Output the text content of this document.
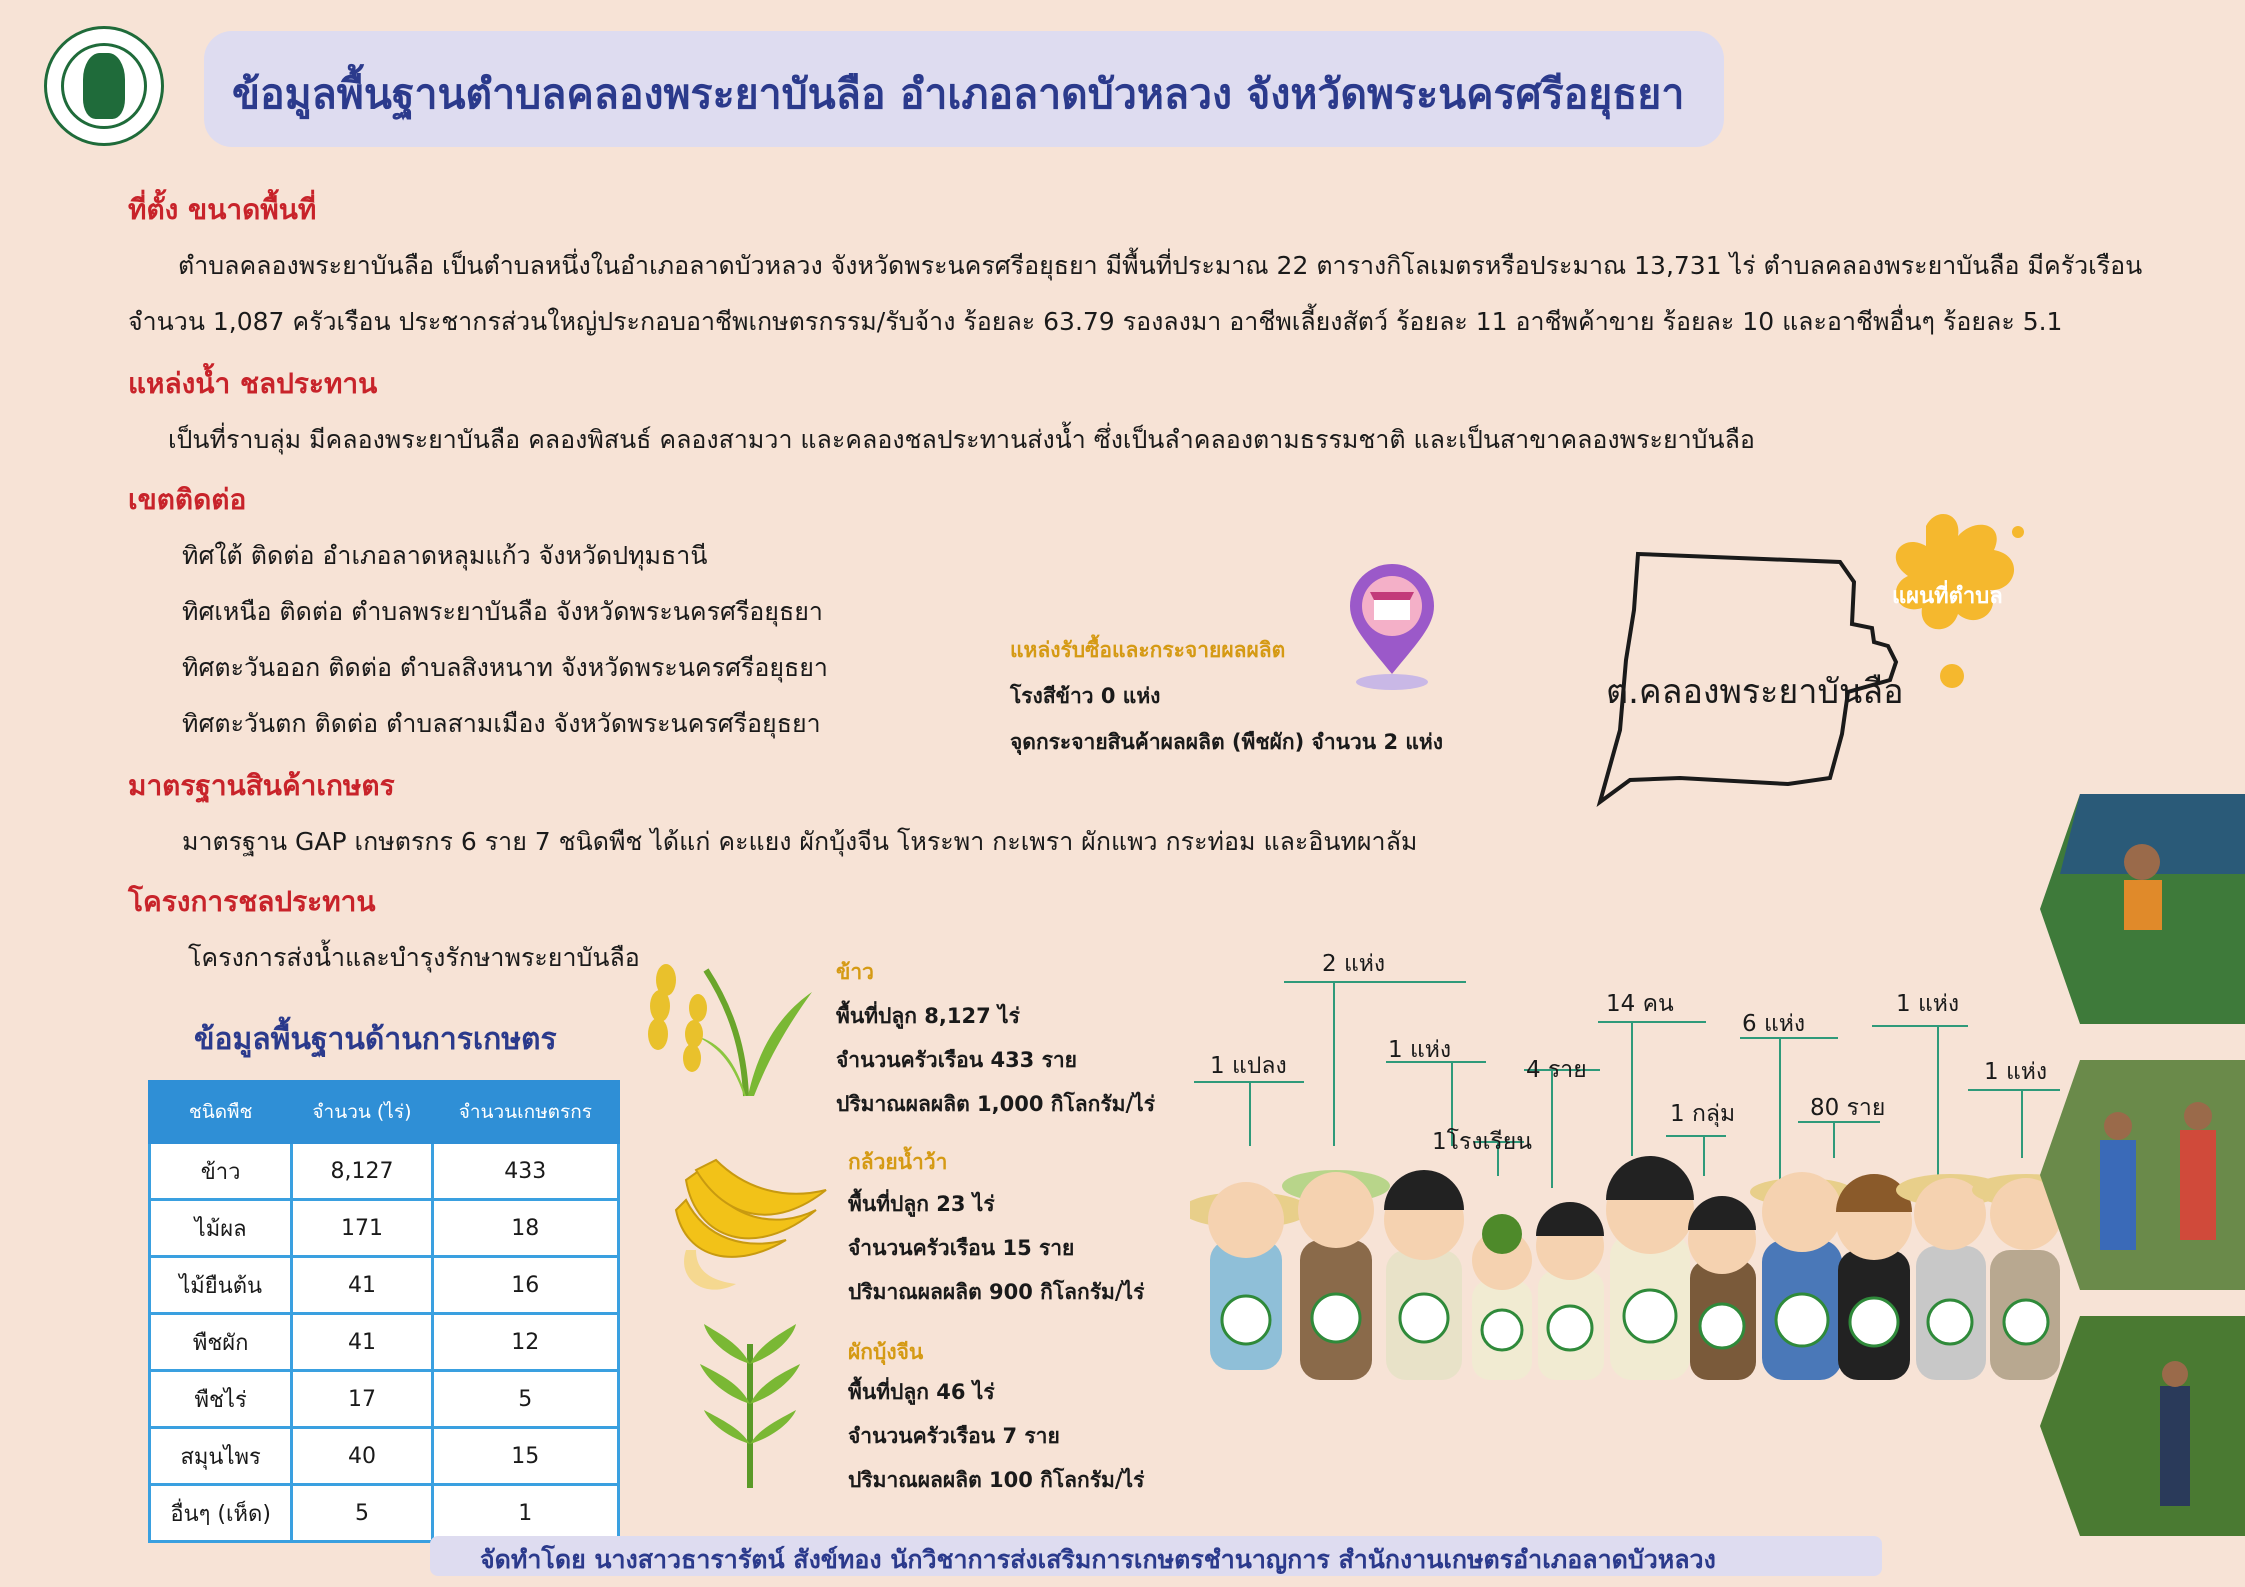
ข้อมูลพื้นฐานตำบลคลองพระยาบันลือ อำเภอลาดบัวหลวง จังหวัดพระนครศรีอยุธยา
ที่ตั้ง ขนาดพื้นที่
ตำบลคลองพระยาบันลือ เป็นตำบลหนึ่งในอำเภอลาดบัวหลวง จังหวัดพระนครศรีอยุธยา มีพื้นที่ประมาณ 22 ตารางกิโลเมตรหรือประมาณ 13,731 ไร่ ตำบลคลองพระยาบันลือ มีครัวเรือน
จำนวน 1,087 ครัวเรือน ประชากรส่วนใหญ่ประกอบอาชีพเกษตรกรรม/รับจ้าง ร้อยละ 63.79 รองลงมา อาชีพเลี้ยงสัตว์ ร้อยละ 11 อาชีพค้าขาย ร้อยละ 10 และอาชีพอื่นๆ ร้อยละ 5.1
แหล่งน้ำ ชลประทาน
เป็นที่ราบลุ่ม มีคลองพระยาบันลือ คลองพิสนธ์ คลองสามวา และคลองชลประทานส่งน้ำ ซึ่งเป็นลำคลองตามธรรมชาติ และเป็นสาขาคลองพระยาบันลือ
เขตติดต่อ
ทิศใต้ ติดต่อ อำเภอลาดหลุมแก้ว จังหวัดปทุมธานี
ทิศเหนือ ติดต่อ ตำบลพระยาบันลือ จังหวัดพระนครศรีอยุธยา
ทิศตะวันออก ติดต่อ ตำบลสิงหนาท จังหวัดพระนครศรีอยุธยา
ทิศตะวันตก ติดต่อ ตำบลสามเมือง จังหวัดพระนครศรีอยุธยา
มาตรฐานสินค้าเกษตร
มาตรฐาน GAP เกษตรกร 6 ราย 7 ชนิดพืช ได้แก่ คะแยง ผักบุ้งจีน โหระพา กะเพรา ผักแพว กระท่อม และอินทผาลัม
โครงการชลประทาน
โครงการส่งน้ำและบำรุงรักษาพระยาบันลือ
แหล่งรับซื้อและกระจายผลผลิต
โรงสีข้าว 0 แห่ง
จุดกระจายสินค้าผลผลิต (พืชผัก) จำนวน 2 แห่ง
แผนที่ตำบล
ต.คลองพระยาบันลือ
ข้อมูลพื้นฐานด้านการเกษตร
ชนิดพืช	จำนวน (ไร่)	จำนวนเกษตรกร
ข้าว	8,127	433
ไม้ผล	171	18
ไม้ยืนต้น	41	16
พืชผัก	41	12
พืชไร่	17	5
สมุนไพร	40	15
อื่นๆ (เห็ด)	5	1
ข้าว
พื้นที่ปลูก 8,127 ไร่
จำนวนครัวเรือน 433 ราย
ปริมาณผลผลิต 1,000 กิโลกรัม/ไร่
กล้วยน้ำว้า
พื้นที่ปลูก 23 ไร่
จำนวนครัวเรือน 15 ราย
ปริมาณผลผลิต 900 กิโลกรัม/ไร่
ผักบุ้งจีน
พื้นที่ปลูก 46 ไร่
จำนวนครัวเรือน 7 ราย
ปริมาณผลผลิต 100 กิโลกรัม/ไร่
1 แปลง
2 แห่ง
1 แห่ง
1โรงเรียน
4 ราย
14 คน
1 กลุ่ม
6 แห่ง
80 ราย
1 แห่ง
1 แห่ง
จัดทำโดย นางสาวธารารัตน์ สังข์ทอง นักวิชาการส่งเสริมการเกษตรชำนาญการ สำนักงานเกษตรอำเภอลาดบัวหลวง
